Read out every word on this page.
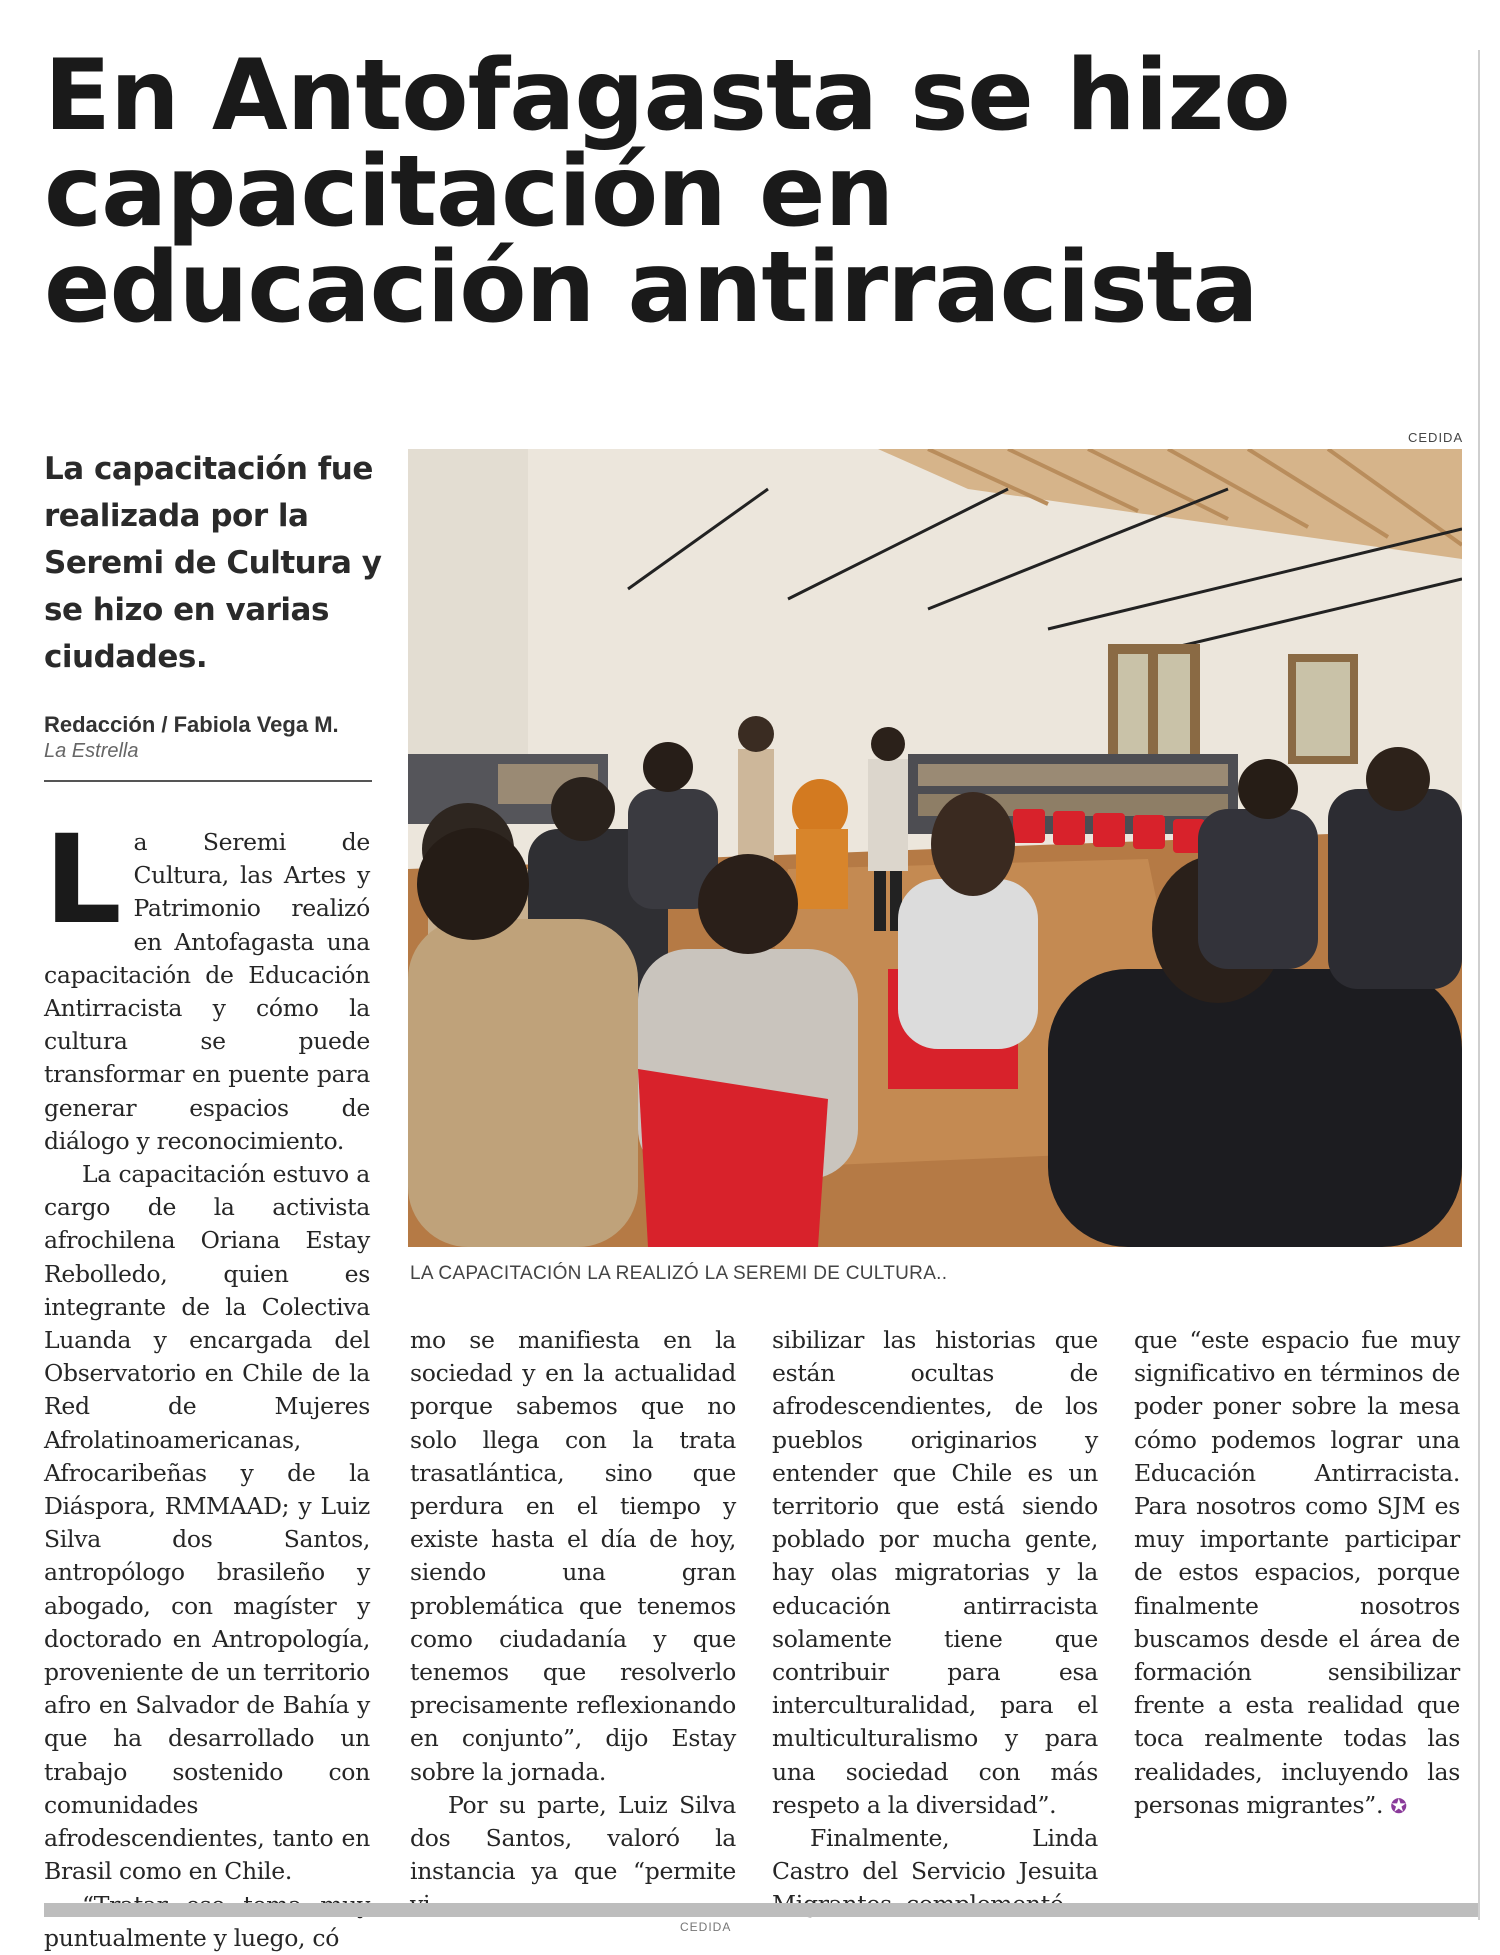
En Antofagasta se hizo capacitación en educación antirracista

La capacitación fue realizada por la Seremi de Cultura y se hizo en varias ciudades.

Redacción / Fabiola Vega M.
La Estrella
CEDIDA
LA CAPACITACIÓN LA REALIZÓ LA SEREMI DE CULTURA..

La Seremi de Cultura, las Artes y Patrimonio realizó en Antofagasta una capacitación de Educación Antirracista y cómo la cultura se puede transformar en puente para generar espacios de diálogo y reconocimiento.

La capacitación estuvo a cargo de la activista afrochilena Oriana Estay Rebolledo, quien es integrante de la Colectiva Luanda y encargada del Observatorio en Chile de la Red de Mujeres Afrolatinoamericanas, Afrocaribeñas y de la Diáspora, RMMAAD; y Luiz Silva dos Santos, antropólogo brasileño y abogado, con magíster y doctorado en Antropología, proveniente de un territorio afro en Salvador de Bahía y que ha desarrollado un trabajo sostenido con comunidades afrodescendientes, tanto en Brasil como en Chile.

puntualmente y luego, có

mo se manifiesta en la sociedad y en la actualidad porque sabemos que no solo llega con la trata trasatlántica, sino que perdura en el tiempo y existe hasta el día de hoy, siendo una gran problemática que tenemos como ciudadanía y que tenemos que resolverlo precisamente reflexionando en conjunto”, dijo Estay sobre la jornada.

Por su parte, Luiz Silva dos Santos, valoró la instancia ya que “permite

sibilizar las historias que están ocultas de afrodescendientes, de los pueblos originarios y entender que Chile es un territorio que está siendo poblado por mucha gente, hay olas migratorias y la educación antirracista solamente tiene que contribuir para esa interculturalidad, para el multiculturalismo y para una sociedad con más respeto a la diversidad”.

Finalmente, Linda Castro del Servicio Jesuita

que “este espacio fue muy significativo en términos de poder poner sobre la mesa cómo podemos lograr una Educación Antirracista. Para nosotros como SJM es muy importante participar de estos espacios, porque finalmente nosotros buscamos desde el área de formación sensibilizar frente a esta realidad que toca realmente todas las realidades, incluyendo las personas migrantes”. ✪

CEDIDA
